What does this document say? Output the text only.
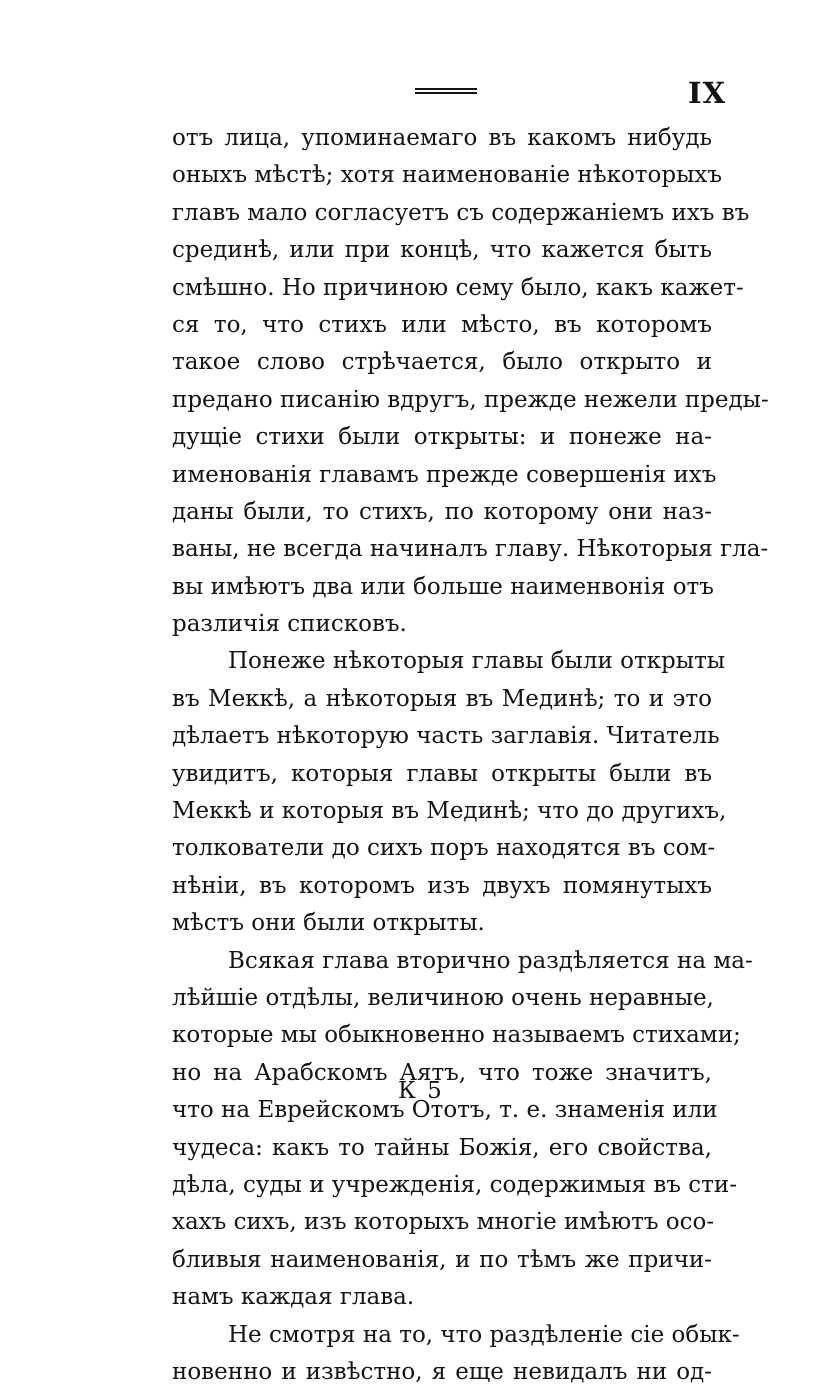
IX
отъ лица, упоминаемаго въ какомъ нибудь
оныхъ мѣстѣ; хотя наименованіе нѣкоторыхъ
главъ мало согласуетъ съ содержаніемъ ихъ въ
срединѣ, или при концѣ, что кажется быть
смѣшно. Но причиною сему было, какъ кажет-
ся то, что стихъ или мѣсто, въ которомъ
такое слово стрѣчается, было открыто и
предано писанію вдругъ, прежде нежели преды-
дущіе стихи были открыты: и понеже на-
именованія главамъ прежде совершенія ихъ
даны были, то стихъ, по которому они наз-
ваны, не всегда начиналъ главу. Нѣкоторыя гла-
вы имѣютъ два или больше наименвонія отъ
различія списковъ.
Понеже нѣкоторыя главы были открыты
въ Меккѣ, а нѣкоторыя въ Мединѣ; то и это
дѣлаетъ нѣкоторую часть заглавія. Читатель
увидитъ, которыя главы открыты были въ
Меккѣ и которыя въ Мединѣ; что до другихъ,
толкователи до сихъ поръ находятся въ сом-
нѣніи, въ которомъ изъ двухъ помянутыхъ
мѣстъ они были открыты.
Всякая глава вторично раздѣляется на ма-
лѣйшіе отдѣлы, величиною очень неравные,
которые мы обыкновенно называемъ стихами;
но на Арабскомъ Аятъ, что тоже значитъ,
что на Еврейскомъ Ототъ, т. е. знаменія или
чудеса: какъ то тайны Божія, его свойства,
дѣла, суды и учрежденія, содержимыя въ сти-
хахъ сихъ, изъ которыхъ многіе имѣютъ осо-
бливыя наименованія, и по тѣмъ же причи-
намъ каждая глава.
Не смотря на то, что раздѣленіе сіе обык-
новенно и извѣстно, я еще невидалъ ни од-
К 5
